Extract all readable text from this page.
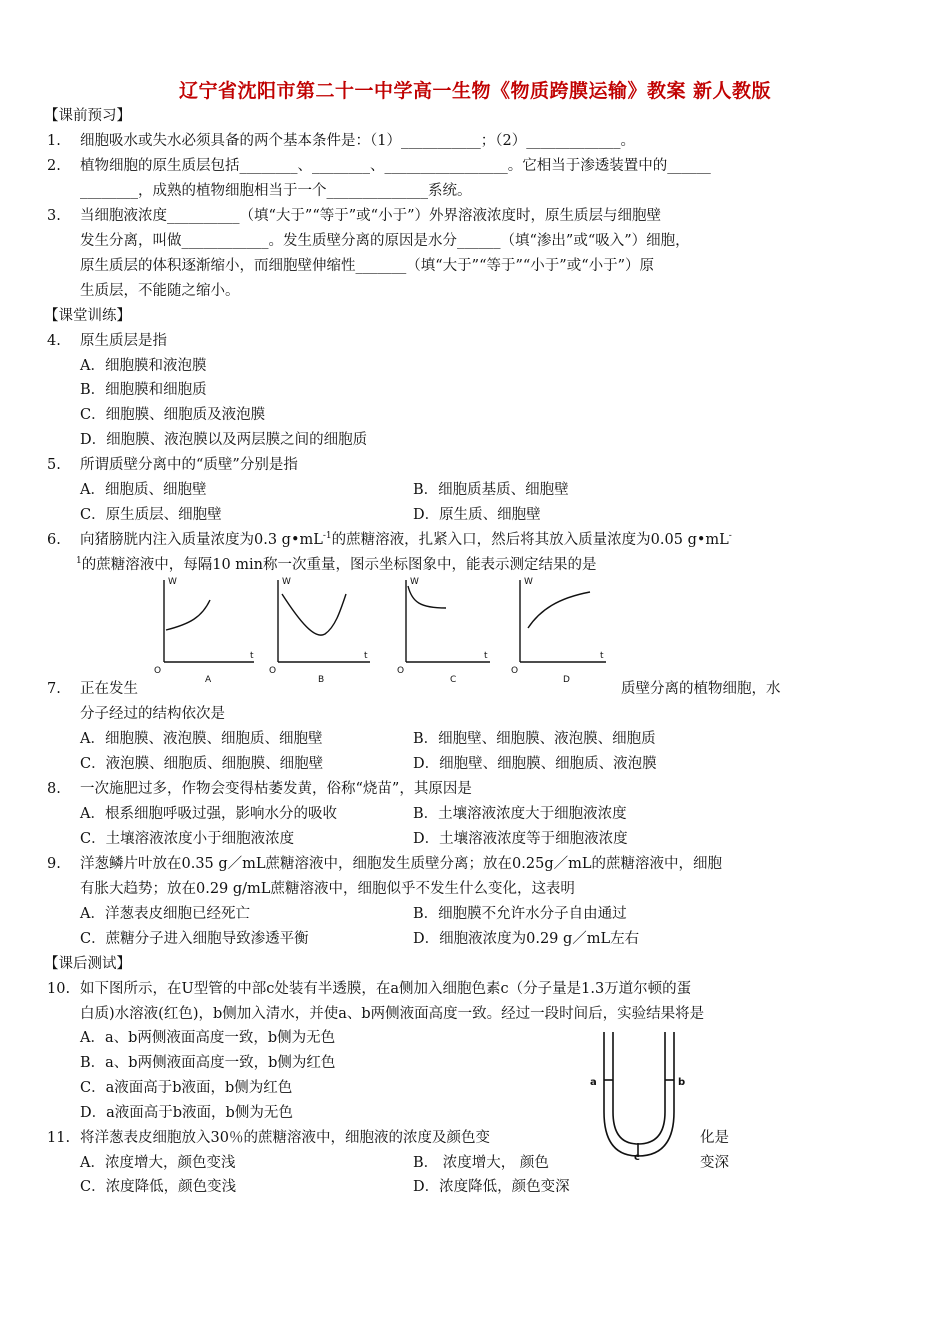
辽宁省沈阳市第二十一中学高一生物《物质跨膜运输》教案 新人教版
【课前预习】
1. 细胞吸水或失水必须具备的两个基本条件是：（1）___________；（2）_____________。
2. 植物细胞的原生质层包括________、________、_________________。它相当于渗透装置中的______
________，成熟的植物细胞相当于一个______________系统。
3. 当细胞液浓度__________（填“大于”“等于”或“小于”）外界溶液浓度时，原生质层与细胞壁
发生分离，叫做____________。发生质壁分离的原因是水分______（填“渗出”或“吸入”）细胞，
原生质层的体积逐渐缩小，而细胞壁伸缩性_______（填“大于”“等于”“小于”或“小于”）原
生质层，不能随之缩小。
【课堂训练】
4. 原生质层是指
A．细胞膜和液泡膜
B．细胞膜和细胞质
C．细胞膜、细胞质及液泡膜
D．细胞膜、液泡膜以及两层膜之间的细胞质
5. 所谓质壁分离中的“质壁”分别是指
A．细胞质、细胞壁	B．细胞质基质、细胞壁
C．原生质层、细胞壁	D．原生质、细胞壁
6. 向猪膀胱内注入质量浓度为0.3 $g•mL^{-1}$的蔗糖溶液，扎紧入口，然后将其放入质量浓度为0.05 g•mL-
$^1$的蔗糖溶液中，每隔10 min称一次重量，图示坐标图象中，能表示测定结果的是
W
t
O
W
t
O
W
t
O
W
t
O
A	B	C	D
7. 正在发生	质壁分离的植物细胞，水
分子经过的结构依次是
A．细胞膜、液泡膜、细胞质、细胞壁	B．细胞壁、细胞膜、液泡膜、细胞质
C．液泡膜、细胞质、细胞膜、细胞壁	D．细胞壁、细胞膜、细胞质、液泡膜
8. 一次施肥过多，作物会变得枯萎发黄，俗称“烧苗”，其原因是
A．根系细胞呼吸过强，影响水分的吸收	B．土壤溶液浓度大于细胞液浓度
C．土壤溶液浓度小于细胞液浓度	D．土壤溶液浓度等于细胞液浓度
9. 洋葱鳞片叶放在0.35 g／mL蔗糖溶液中，细胞发生质壁分离；放在0.25g／mL的蔗糖溶液中，细胞
有胀大趋势；放在0.29 g/mL蔗糖溶液中，细胞似乎不发生什么变化，这表明
A．洋葱表皮细胞已经死亡	B．细胞膜不允许水分子自由通过
C．蔗糖分子进入细胞导致渗透平衡	D．细胞液浓度为0.29 g／mL左右
【课后测试】
10. 如下图所示，在U型管的中部c处装有半透膜，在a侧加入细胞色素c（分子量是1.3万道尔顿的蛋
白质)水溶液(红色)，b侧加入清水，并使a、b两侧液面高度一致。经过一段时间后，实验结果将是
A．a、b两侧液面高度一致，b侧为无色
B．a、b两侧液面高度一致，b侧为红色
C．a液面高于b液面，b侧为红色
D．a液面高于b液面，b侧为无色
a	b
c
11. 将洋葱表皮细胞放入30％的蔗糖溶液中，细胞液的浓度及颜色变	化是
A．浓度增大，颜色变浅	B． 浓度增大， 颜色	变深
C．浓度降低，颜色变浅	D．浓度降低，颜色变深
